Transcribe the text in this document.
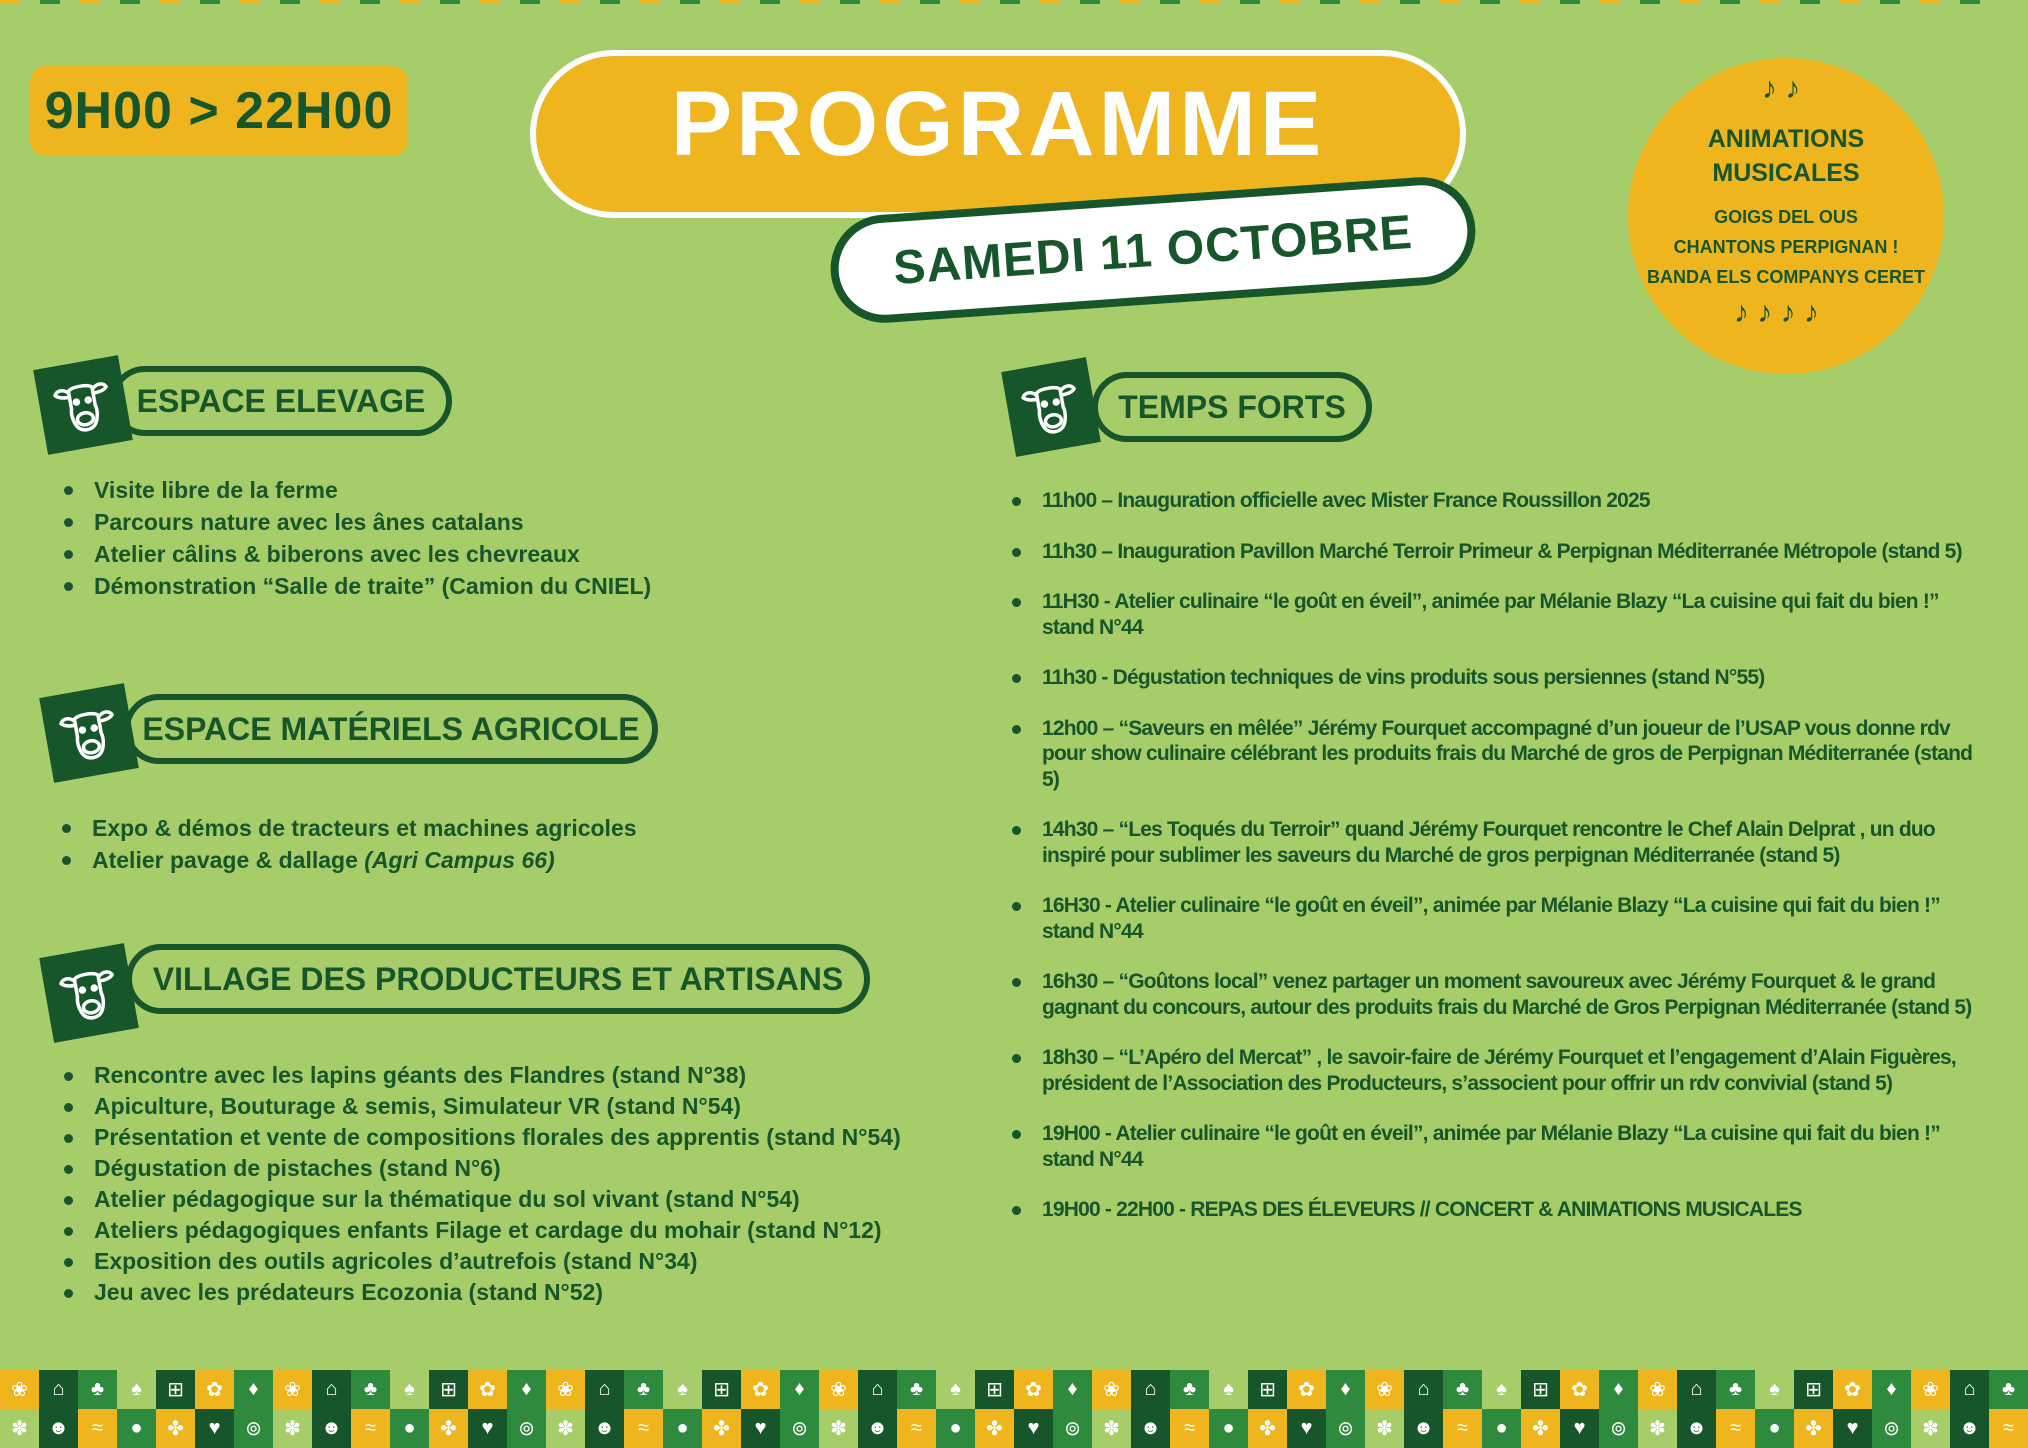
9H00 > 22H00	PROGRAMME
SAMEDI 11 OCTOBRE
♪ ♪
ANIMATIONS
MUSICALES
GOIGS DEL OUS
CHANTONS PERPIGNAN !
BANDA ELS COMPANYS CERET
♪ ♪ ♪ ♪
ESPACE ELEVAGE
Visite libre de la ferme
Parcours nature avec les ânes catalans
Atelier câlins & biberons avec les chevreaux
Démonstration “Salle de traite” (Camion du CNIEL)
ESPACE MATÉRIELS AGRICOLE
Expo & démos de tracteurs et machines agricoles
Atelier pavage & dallage (Agri Campus 66)
VILLAGE DES PRODUCTEURS ET ARTISANS
Rencontre avec les lapins géants des Flandres (stand N°38)
Apiculture, Bouturage & semis, Simulateur VR (stand N°54)
Présentation et vente de compositions florales des apprentis (stand N°54)
Dégustation de pistaches (stand N°6)
Atelier pédagogique sur la thématique du sol vivant (stand N°54)
Ateliers pédagogiques enfants Filage et cardage du mohair (stand N°12)
Exposition des outils agricoles d’autrefois (stand N°34)
Jeu avec les prédateurs Ecozonia (stand N°52)
TEMPS FORTS
11h00 – Inauguration officielle avec Mister France Roussillon 2025
11h30 – Inauguration Pavillon Marché Terroir Primeur & Perpignan Méditerranée Métropole (stand 5)
11H30 - Atelier culinaire “le goût en éveil”, animée par Mélanie Blazy “La cuisine qui fait du bien !” stand N°44
11h30 - Dégustation techniques de vins produits sous persiennes (stand N°55)
12h00 – “Saveurs en mêlée” Jérémy Fourquet accompagné d’un joueur de l’USAP vous donne rdv pour show culinaire célébrant les produits frais du Marché de gros de Perpignan Méditerranée (stand 5)
14h30 – “Les Toqués du Terroir” quand Jérémy Fourquet rencontre le Chef Alain Delprat , un duo inspiré pour sublimer les saveurs du Marché de gros perpignan Méditerranée (stand 5)
16H30 - Atelier culinaire “le goût en éveil”, animée par Mélanie Blazy “La cuisine qui fait du bien !” stand N°44
16h30 – “Goûtons local” venez partager un moment savoureux avec Jérémy Fourquet & le grand gagnant du concours, autour des produits frais du Marché de Gros Perpignan Méditerranée (stand 5)
18h30 – “L’Apéro del Mercat” , le savoir-faire de Jérémy Fourquet et l’engagement d’Alain Figuères, président de l’Association des Producteurs, s’associent pour offrir un rdv convivial (stand 5)
19H00 - Atelier culinaire “le goût en éveil”, animée par Mélanie Blazy “La cuisine qui fait du bien !” stand N°44
19H00 - 22H00 - REPAS DES ÉLEVEURS // CONCERT & ANIMATIONS MUSICALES
❀	⌂	♣	♠	⊞	✿	♦	❀	⌂	♣	♠	⊞	✿	♦	❀	⌂	♣	♠	⊞	✿	♦	❀	⌂	♣	♠	⊞	✿	♦	❀	⌂	♣	♠	⊞	✿	♦	❀	⌂	♣	♠	⊞	✿	♦	❀	⌂	♣	♠	⊞	✿	♦	❀	⌂	♣
✽	☻	≈	●	✤	♥	⊚	✽	☻	≈	●	✤	♥	⊚	✽	☻	≈	●	✤	♥	⊚	✽	☻	≈	●	✤	♥	⊚	✽	☻	≈	●	✤	♥	⊚	✽	☻	≈	●	✤	♥	⊚	✽	☻	≈	●	✤	♥	⊚	✽	☻	≈
